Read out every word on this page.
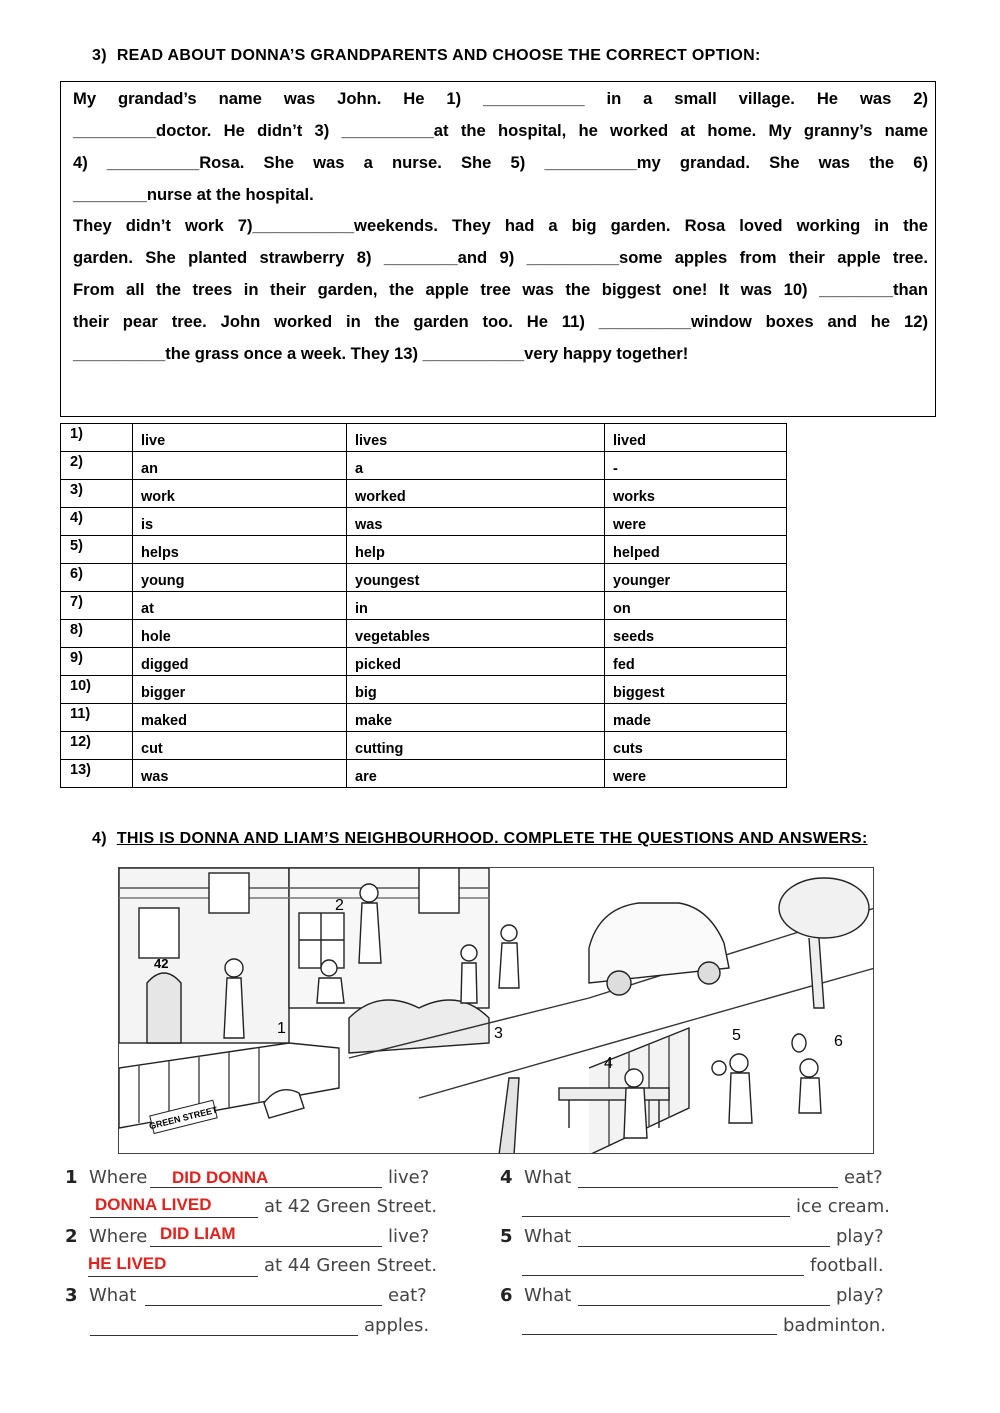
3) READ ABOUT DONNA’S GRANDPARENTS AND CHOOSE THE CORRECT OPTION:
My grandad’s name was John. He 1) ___________ in a small village. He was 2)
_________doctor. He didn’t 3) __________at the hospital, he worked at home. My granny’s name
4) __________Rosa. She was a nurse. She 5) __________my grandad. She was the 6)
________nurse at the hospital.
They didn’t work 7)___________weekends. They had a big garden. Rosa loved working in the
garden. She planted strawberry 8) ________and 9) __________some apples from their apple tree.
From all the trees in their garden, the apple tree was the biggest one! It was 10) ________than
their pear tree. John worked in the garden too. He 11) __________window boxes and he 12)
__________the grass once a week. They 13) ___________very happy together!
1)	live	lives	lived
2)	an	a	-
3)	work	worked	works
4)	is	was	were
5)	helps	help	helped
6)	young	youngest	younger
7)	at	in	on
8)	hole	vegetables	seeds
9)	digged	picked	fed
10)	bigger	big	biggest
11)	maked	make	made
12)	cut	cutting	cuts
13)	was	are	were
4) THIS IS DONNA AND LIAM’S NEIGHBOURHOOD. COMPLETE THE QUESTIONS AND ANSWERS:
GREEN STREET
42
1
2
3
4
5	6
1 Where DID DONNA	live?
DONNA LIVED	at 42 Green Street.
2 Where DID LIAM	live?
HE LIVED	at 44 Green Street.
3 What	eat?
apples.
4 What	eat?
ice cream.
5 What	play?
football.
6 What	play?
badminton.
